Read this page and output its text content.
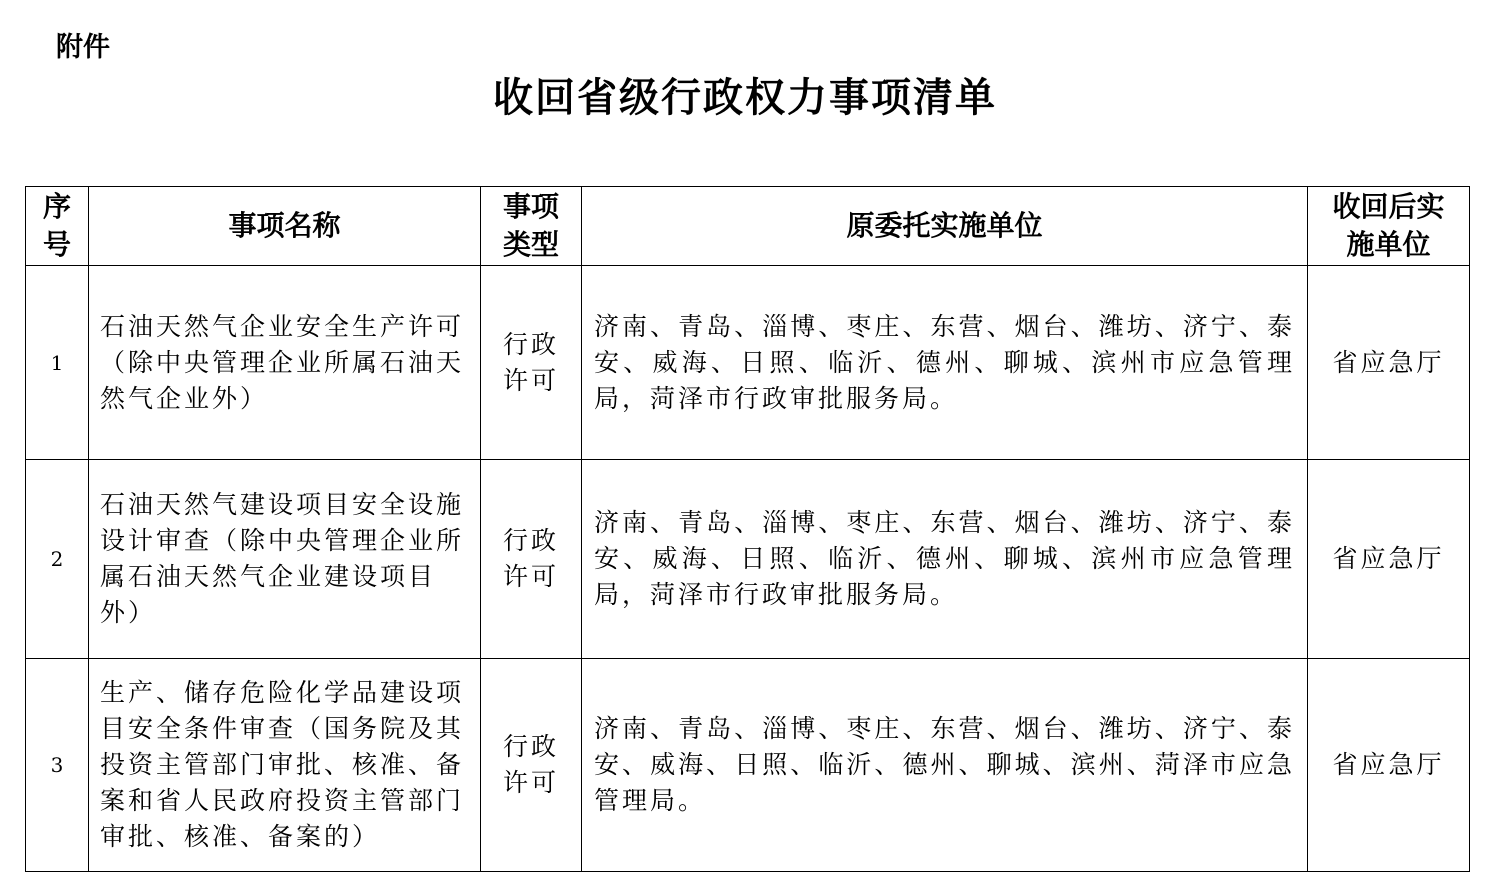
附件
收回省级行政权力事项清单
序号	事项名称	事项类型	原委托实施单位	收回后实施单位
1	石油天然气企业安全生产许可（除中央管理企业所属石油天然气企业外）	行政许可	济南、青岛、淄博、枣庄、东营、烟台、潍坊、济宁、泰安、威海、日照、临沂、德州、聊城、滨州市应急管理局，菏泽市行政审批服务局。	省应急厅
2	石油天然气建设项目安全设施设计审查（除中央管理企业所属石油天然气企业建设项目外）	行政许可	济南、青岛、淄博、枣庄、东营、烟台、潍坊、济宁、泰安、威海、日照、临沂、德州、聊城、滨州市应急管理局，菏泽市行政审批服务局。	省应急厅
3	生产、储存危险化学品建设项目安全条件审查（国务院及其投资主管部门审批、核准、备案和省人民政府投资主管部门审批、核准、备案的）	行政许可	济南、青岛、淄博、枣庄、东营、烟台、潍坊、济宁、泰安、威海、日照、临沂、德州、聊城、滨州、菏泽市应急管理局。	省应急厅
